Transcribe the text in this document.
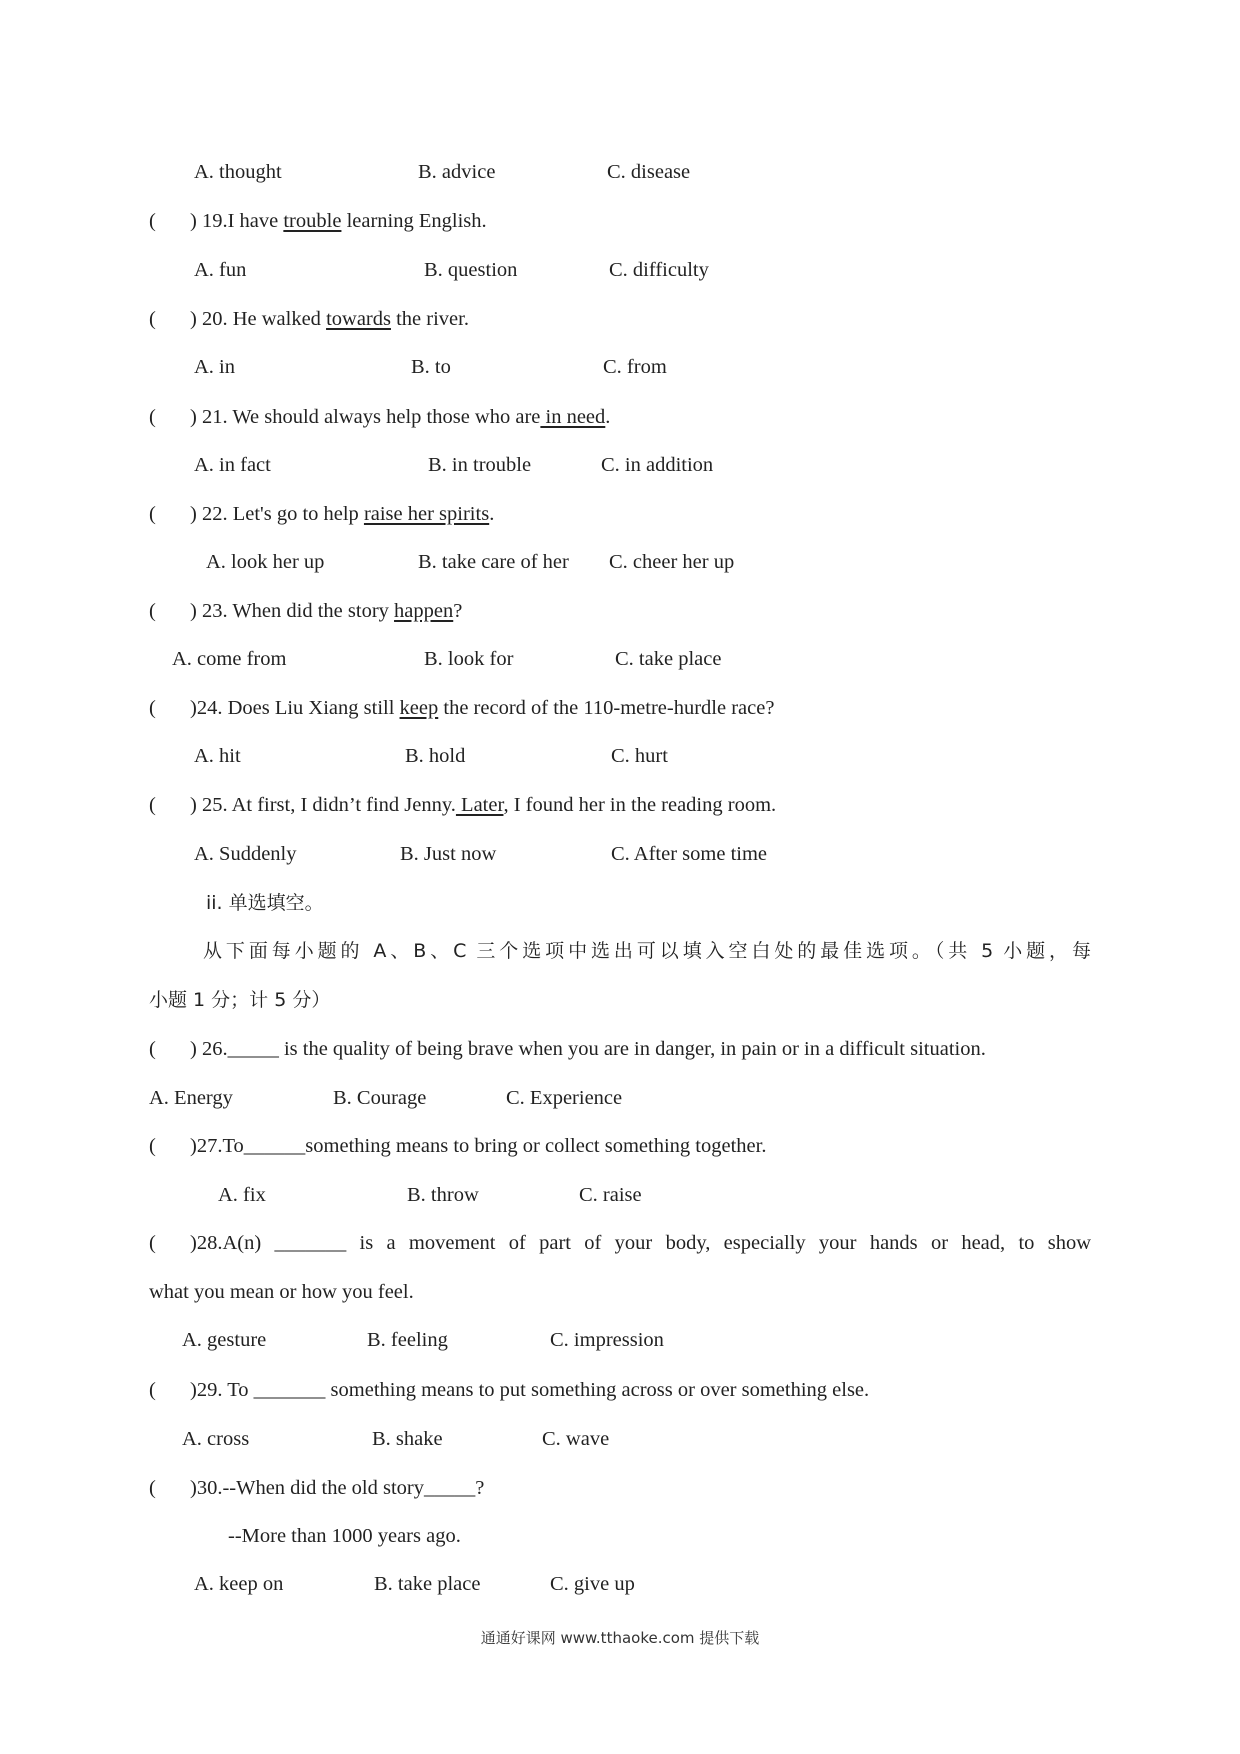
A. thought	B. advice	C. disease
( ) 19.I have trouble learning English.
A. fun	B. question	C. difficulty
( ) 20. He walked towards the river.
A. in	B. to	C. from
( ) 21. We should always help those who are in need.
A. in fact	B. in trouble	C. in addition
( ) 22. Let's go to help raise her spirits.
A. look her up	B. take care of her C. cheer her up
( ) 23. When did the story happen?
A. come from	B. look for	C. take place
( )24. Does Liu Xiang still keep the record of the 110-metre-hurdle race?
A. hit	B. hold	C. hurt
( ) 25. At first, I didn’t find Jenny. Later, I found her in the reading room.
A. Suddenly	B. Just now	C. After some time
ii. 单选填空。
从下面每小题的 A、B、C 三个选项中选出可以填入空白处的最佳选项。（共 5 小题，每
小题 1 分；计 5 分）
( ) 26._____ is the quality of being brave when you are in danger, in pain or in a difficult situation.
A. Energy	B. Courage	C. Experience
( )27.To______something means to bring or collect something together.
A. fix	B. throw	C. raise
( )28.A(n) _______ is a movement of part of your body, especially your hands or head, to show
what you mean or how you feel.
A. gesture	B. feeling	C. impression
( )29. To _______ something means to put something across or over something else.
A. cross	B. shake	C. wave
( )30.--When did the old story_____?
--More than 1000 years ago.
A. keep on	B. take place	C. give up
通通好课网 www.tthaoke.com 提供下载
